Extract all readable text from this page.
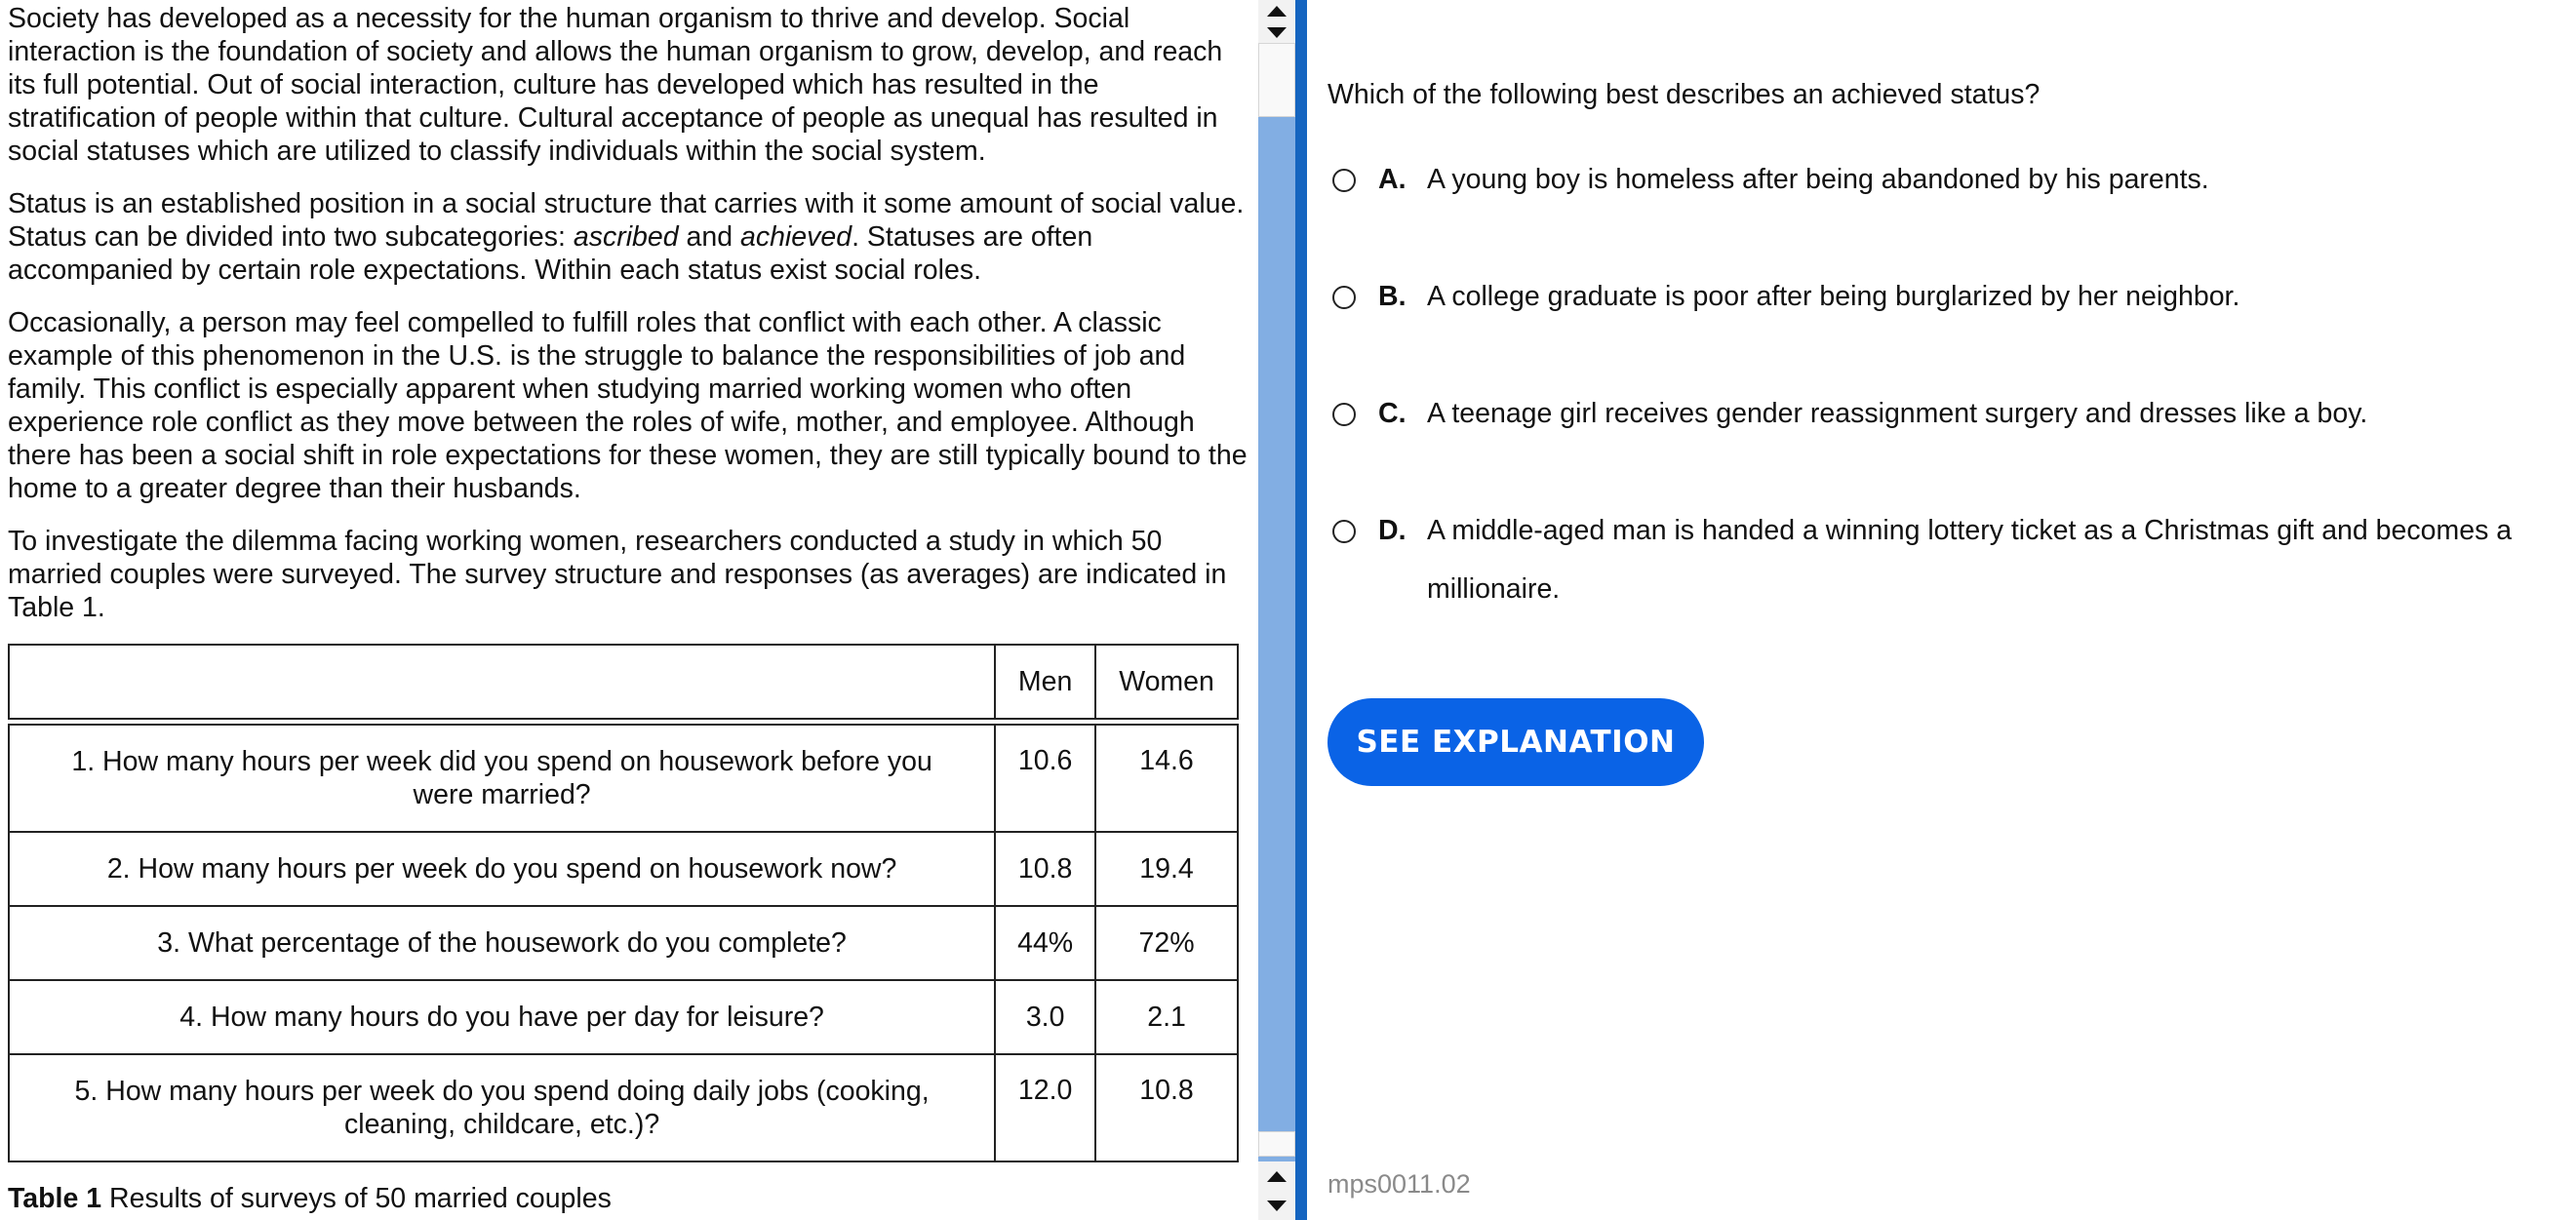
Society has developed as a necessity for the human organism to thrive and develop. Social interaction is the foundation of society and allows the human organism to grow, develop, and reach its full potential. Out of social interaction, culture has developed which has resulted in the stratification of people within that culture. Cultural acceptance of people as unequal has resulted in social statuses which are utilized to classify individuals within the social system.

Status is an established position in a social structure that carries with it some amount of social value. Status can be divided into two subcategories: ascribed and achieved. Statuses are often accompanied by certain role expectations. Within each status exist social roles.

Occasionally, a person may feel compelled to fulfill roles that conflict with each other. A classic example of this phenomenon in the U.S. is the struggle to balance the responsibilities of job and family. This conflict is especially apparent when studying married working women who often experience role conflict as they move between the roles of wife, mother, and employee. Although there has been a social shift in role expectations for these women, they are still typically bound to the home to a greater degree than their husbands.

To investigate the dilemma facing working women, researchers conducted a study in which 50 married couples were surveyed. The survey structure and responses (as averages) are indicated in Table 1.

	Men	Women

1. How many hours per week did you spend on housework before you were married?	10.6	14.6
2. How many hours per week do you spend on housework now?	10.8	19.4
3. What percentage of the housework do you complete?	44%	72%
4. How many hours do you have per day for leisure?	3.0	2.1
5. How many hours per week do you spend doing daily jobs (cooking, cleaning, childcare, etc.)?	12.0	10.8
Table 1 Results of surveys of 50 married couples
Which of the following best describes an achieved status?
A. A young boy is homeless after being abandoned by his parents.
B. A college graduate is poor after being burglarized by her neighbor.
C. A teenage girl receives gender reassignment surgery and dresses like a boy.
D. A middle-aged man is handed a winning lottery ticket as a Christmas gift and becomes a millionaire.
SEE EXPLANATION
mps0011.02
